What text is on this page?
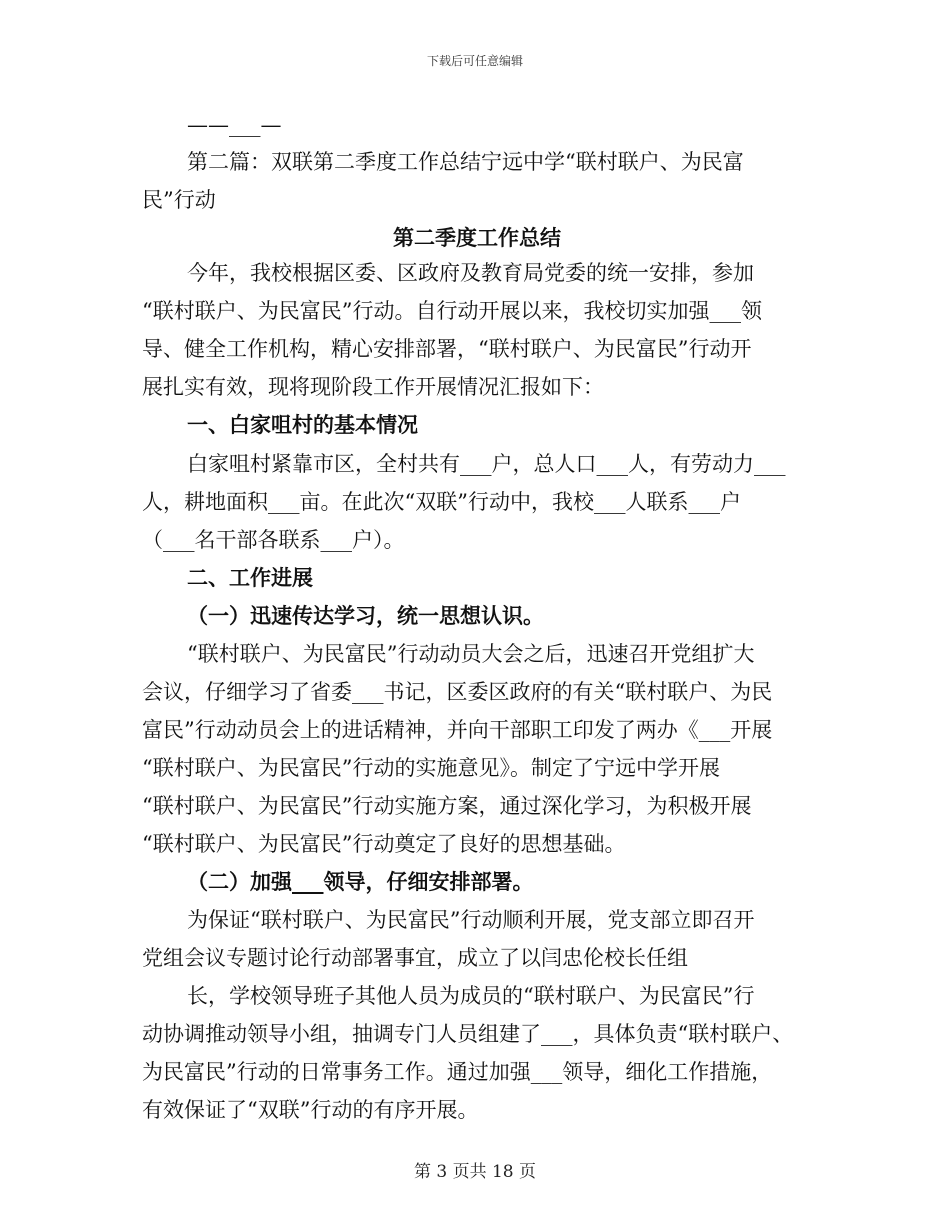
下载后可任意编辑
——___—
第二篇：双联第二季度工作总结宁远中学“联村联户、为民富
民”行动
第二季度工作总结
今年，我校根据区委、区政府及教育局党委的统一安排，参加
“联村联户、为民富民”行动。自行动开展以来，我校切实加强___领
导、健全工作机构，精心安排部署，“联村联户、为民富民”行动开
展扎实有效，现将现阶段工作开展情况汇报如下：
一、白家咀村的基本情况
白家咀村紧靠市区，全村共有___户，总人口___人，有劳动力___
人，耕地面积___亩。在此次“双联”行动中，我校___人联系___户
（___名干部各联系___户）。
二、工作进展
（一）迅速传达学习，统一思想认识。
“联村联户、为民富民”行动动员大会之后，迅速召开党组扩大
会议，仔细学习了省委___书记，区委区政府的有关“联村联户、为民
富民”行动动员会上的进话精神，并向干部职工印发了两办《___开展
“联村联户、为民富民”行动的实施意见》。制定了宁远中学开展
“联村联户、为民富民”行动实施方案，通过深化学习，为积极开展
“联村联户、为民富民”行动奠定了良好的思想基础。
（二）加强___领导，仔细安排部署。
为保证“联村联户、为民富民”行动顺利开展，党支部立即召开
党组会议专题讨论行动部署事宜，成立了以闫忠伦校长任组
长，学校领导班子其他人员为成员的“联村联户、为民富民”行
动协调推动领导小组，抽调专门人员组建了___，具体负责“联村联户、
为民富民”行动的日常事务工作。通过加强___领导，细化工作措施，
有效保证了“双联”行动的有序开展。
第 3 页共 18 页
